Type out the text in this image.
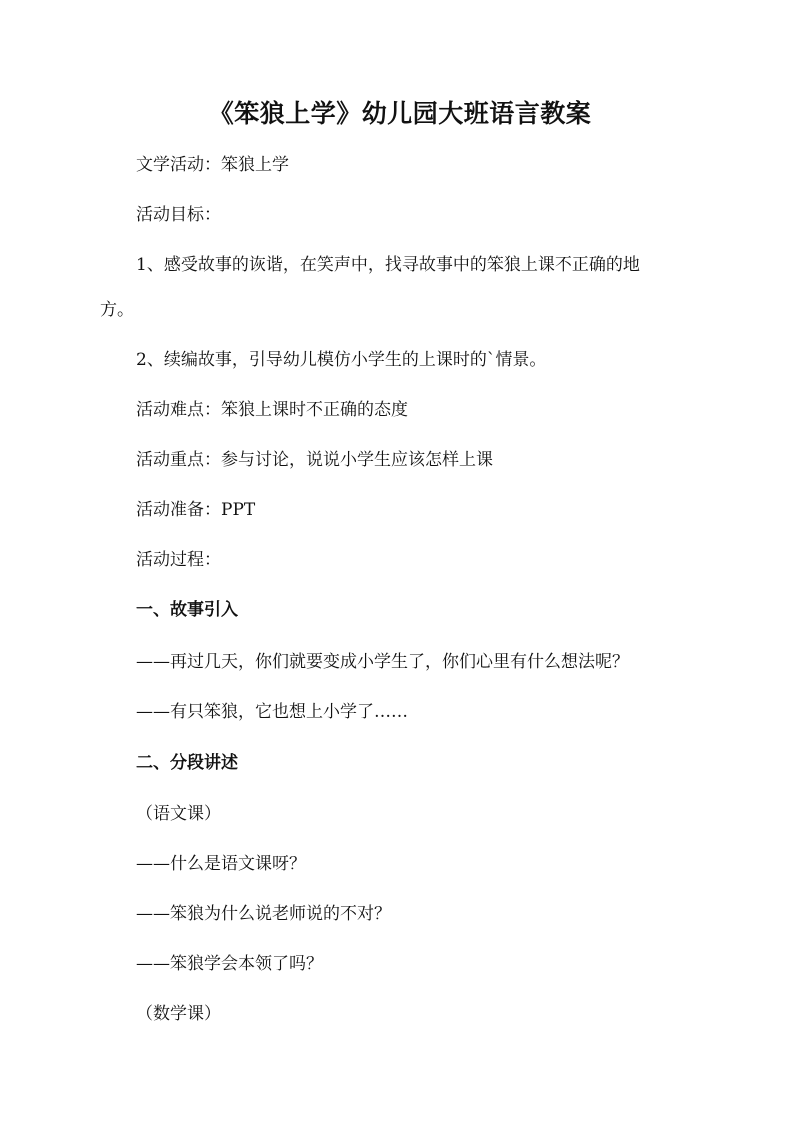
《笨狼上学》幼儿园大班语言教案

文学活动：笨狼上学

活动目标：

1、感受故事的诙谐，在笑声中，找寻故事中的笨狼上课不正确的地

方。

2、续编故事，引导幼儿模仿小学生的上课时的`情景。

活动难点：笨狼上课时不正确的态度

活动重点：参与讨论，说说小学生应该怎样上课

活动准备：PPT

活动过程：

一、故事引入

——再过几天，你们就要变成小学生了，你们心里有什么想法呢？

——有只笨狼，它也想上小学了……

二、分段讲述

（语文课）

——什么是语文课呀？

——笨狼为什么说老师说的不对？

——笨狼学会本领了吗？

（数学课）
